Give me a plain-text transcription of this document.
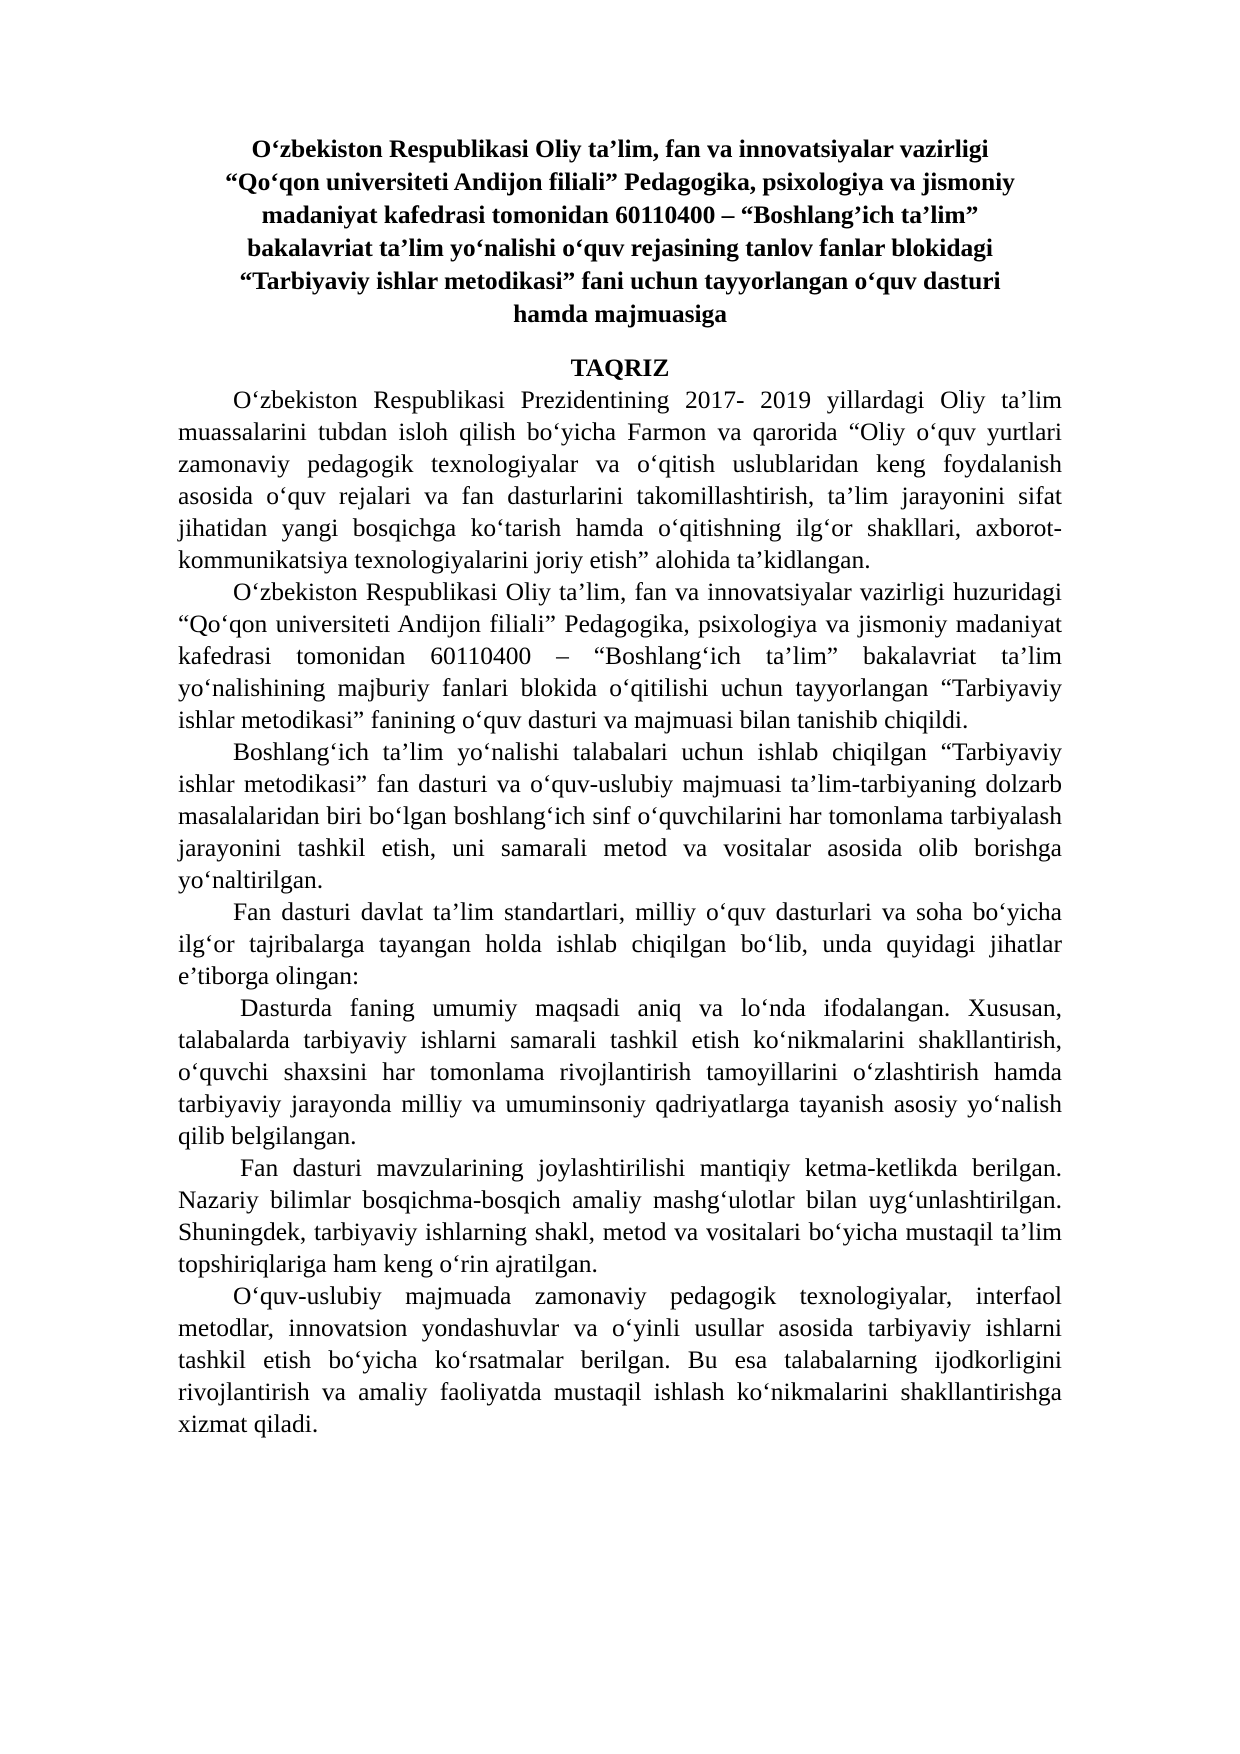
O‘zbekiston Respublikasi Oliy ta’lim, fan va innovatsiyalar vazirligi
“Qo‘qon universiteti Andijon filiali” Pedagogika, psixologiya va jismoniy
madaniyat kafedrasi tomonidan 60110400 – “Boshlang’ich ta’lim”
bakalavriat ta’lim yo‘nalishi o‘quv rejasining tanlov fanlar blokidagi
“Tarbiyaviy ishlar metodikasi” fani uchun tayyorlangan o‘quv dasturi
hamda majmuasiga
TAQRIZ

O‘zbekiston Respublikasi Prezidentining 2017- 2019 yillardagi Oliy ta’lim muassalarini tubdan isloh qilish bo‘yicha Farmon va qarorida “Oliy o‘quv yurtlari zamonaviy pedagogik texnologiyalar va o‘qitish uslublaridan keng foydalanish asosida o‘quv rejalari va fan dasturlarini takomillashtirish, ta’lim jarayonini sifat jihatidan yangi bosqichga ko‘tarish hamda o‘qitishning ilg‘or shakllari, axborot-kommunikatsiya texnologiyalarini joriy etish” alohida ta’kidlangan.

O‘zbekiston Respublikasi Oliy ta’lim, fan va innovatsiyalar vazirligi huzuridagi “Qo‘qon universiteti Andijon filiali” Pedagogika, psixologiya va jismoniy madaniyat kafedrasi tomonidan 60110400 – “Boshlang‘ich ta’lim” bakalavriat ta’lim yo‘nalishining majburiy fanlari blokida o‘qitilishi uchun tayyorlangan “Tarbiyaviy ishlar metodikasi” fanining o‘quv dasturi va majmuasi bilan tanishib chiqildi.

Boshlang‘ich ta’lim yo‘nalishi talabalari uchun ishlab chiqilgan “Tarbiyaviy ishlar metodikasi” fan dasturi va o‘quv-uslubiy majmuasi ta’lim-tarbiyaning dolzarb masalalaridan biri bo‘lgan boshlang‘ich sinf o‘quvchilarini har tomonlama tarbiyalash jarayonini tashkil etish, uni samarali metod va vositalar asosida olib borishga yo‘naltirilgan.

Fan dasturi davlat ta’lim standartlari, milliy o‘quv dasturlari va soha bo‘yicha ilg‘or tajribalarga tayangan holda ishlab chiqilgan bo‘lib, unda quyidagi jihatlar e’tiborga olingan:

Dasturda faning umumiy maqsadi aniq va lo‘nda ifodalangan. Xususan, talabalarda tarbiyaviy ishlarni samarali tashkil etish ko‘nikmalarini shakllantirish, o‘quvchi shaxsini har tomonlama rivojlantirish tamoyillarini o‘zlashtirish hamda tarbiyaviy jarayonda milliy va umuminsoniy qadriyatlarga tayanish asosiy yo‘nalish qilib belgilangan.

Fan dasturi mavzularining joylashtirilishi mantiqiy ketma-ketlikda berilgan. Nazariy bilimlar bosqichma-bosqich amaliy mashg‘ulotlar bilan uyg‘unlashtirilgan. Shuningdek, tarbiyaviy ishlarning shakl, metod va vositalari bo‘yicha mustaqil ta’lim topshiriqlariga ham keng o‘rin ajratilgan.

O‘quv-uslubiy majmuada zamonaviy pedagogik texnologiyalar, interfaol metodlar, innovatsion yondashuvlar va o‘yinli usullar asosida tarbiyaviy ishlarni tashkil etish bo‘yicha ko‘rsatmalar berilgan. Bu esa talabalarning ijodkorligini rivojlantirish va amaliy faoliyatda mustaqil ishlash ko‘nikmalarini shakllantirishga xizmat qiladi.
